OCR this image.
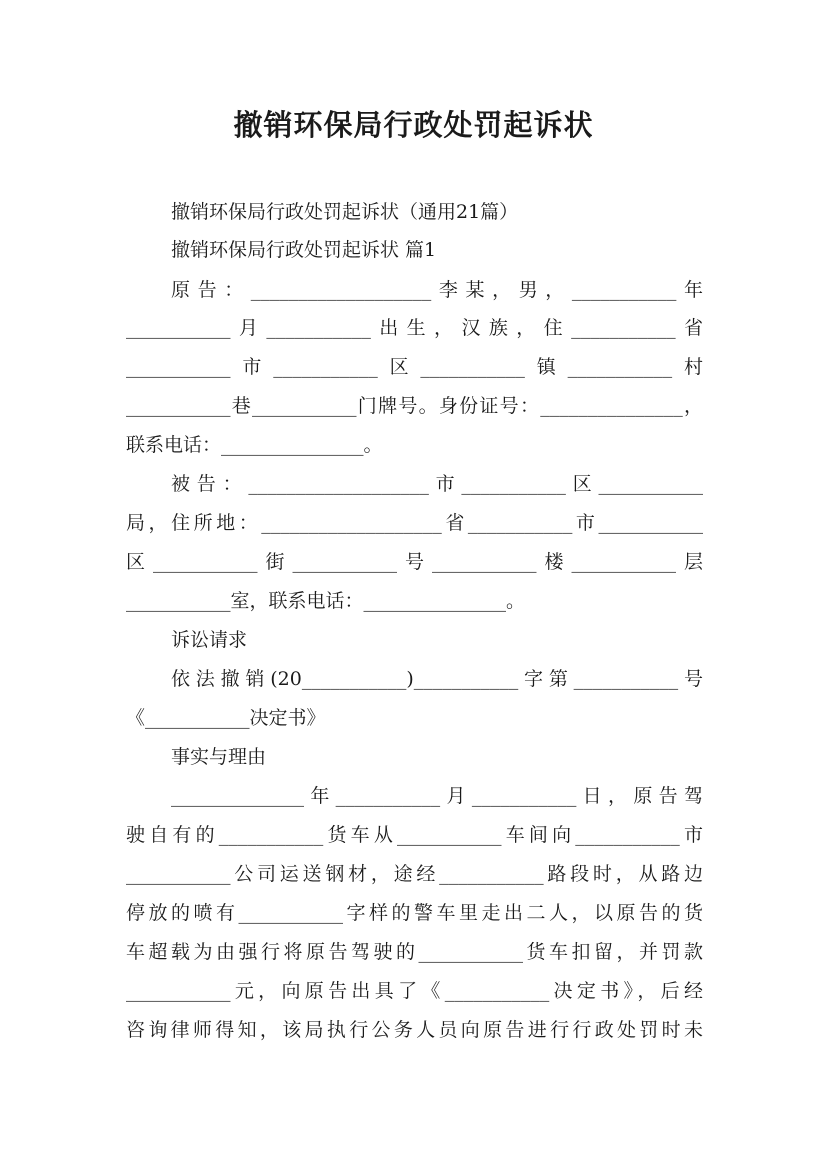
撤销环保局行政处罚起诉状
撤销环保局行政处罚起诉状（通用21篇）
撤销环保局行政处罚起诉状 篇1
原告：___________________李某，男，___________年
___________月___________出生，汉族，住___________省
___________市___________区___________镇___________村
___________巷___________门牌号。身份证号：_______________，
联系电话：_______________。
被告：___________________市___________区___________
局，住所地：___________________省___________市___________
区___________街___________号___________楼___________层
___________室，联系电话：_______________。
诉讼请求
依法撤销(20___________)___________字第___________号
《___________决定书》
事实与理由
______________年___________月___________日，原告驾
驶自有的___________货车从___________车间向___________市
___________公司运送钢材，途经___________路段时，从路边
停放的喷有___________字样的警车里走出二人，以原告的货
车超载为由强行将原告驾驶的___________货车扣留，并罚款
___________元，向原告出具了《___________决定书》，后经
咨询律师得知，该局执行公务人员向原告进行行政处罚时未
